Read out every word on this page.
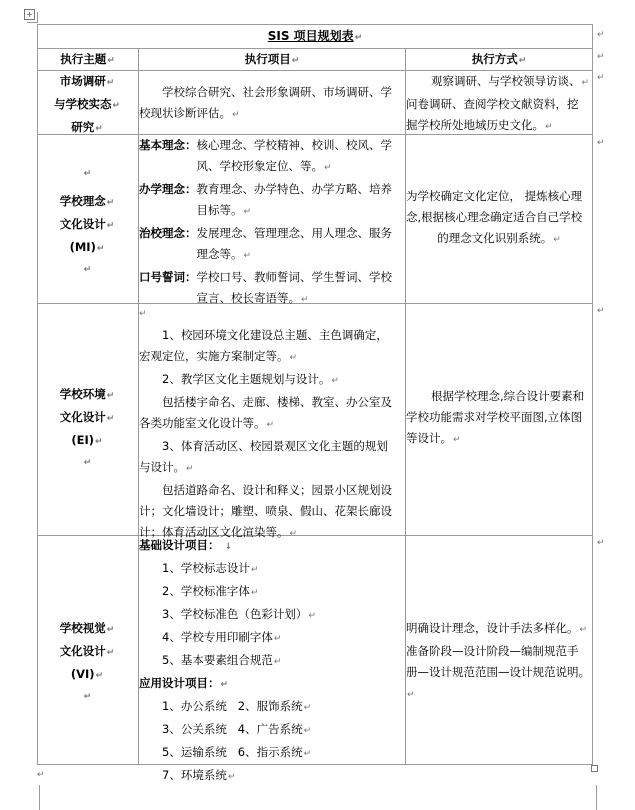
+
↵
↵
↵
↵
↵
↵
↵
SIS 项目规划表↵
执行主题↵	执行项目↵	执行方式↵
市场调研↵
与学校实态↵
研究↵

学校综合研究、社会形象调研、市场调研、学

校现状诊断评估。↵

观察调研、与学校领导访谈、↵
问卷调研、查阅学校文献资料，挖
掘学校所处地域历史文化。↵
↵
学校理念↵
文化设计↵
(MI)↵
↵
基本理念： 核心理念、学校精神、校训、校风、学
风、学校形象定位、等。↵
办学理念： 教育理念、办学特色、办学方略、培养
目标等。↵
治校理念： 发展理念、管理理念、用人理念、服务
理念等。↵
口号誓词： 学校口号、教师誓词、学生誓词、学校
宣言、校长寄语等。↵
为学校确定文化定位， 提炼核心理
念,根据核心理念确定适合自己学校
的理念文化识别系统。↵
学校环境↵
文化设计↵
(EI)↵
↵

↵

1、校园环境文化建设总主题、主色调确定，

宏观定位，实施方案制定等。↵

2、教学区文化主题规划与设计。↵

包括楼宇命名、走廊、楼梯、教室、办公室及

各类功能室文化设计等。↵

3、体育活动区、校园景观区文化主题的规划

与设计。↵

包括道路命名、设计和释义；园景小区规划设

计；文化墙设计；雕塑、喷泉、假山、花架长廊设

计；体育活动区文化渲染等。↵

根据学校理念,综合设计要素和
学校功能需求对学校平面图,立体图
等设计。↵
学校视觉↵
文化设计↵
(VI)↵
↵

基础设计项目： ↓

1、学校标志设计↵

2、学校标准字体↵

3、学校标准色（色彩计划）↵

4、学校专用印刷字体↵

5、基本要素组合规范↵

应用设计项目：↵

1、办公系统   2、服饰系统↵

3、公关系统   4、广告系统↵

5、运输系统   6、指示系统↵

7、环境系统↵

明确设计理念，设计手法多样化。↵
准备阶段—设计阶段—编制规范手
册—设计规范范围—设计规范说明。↵
